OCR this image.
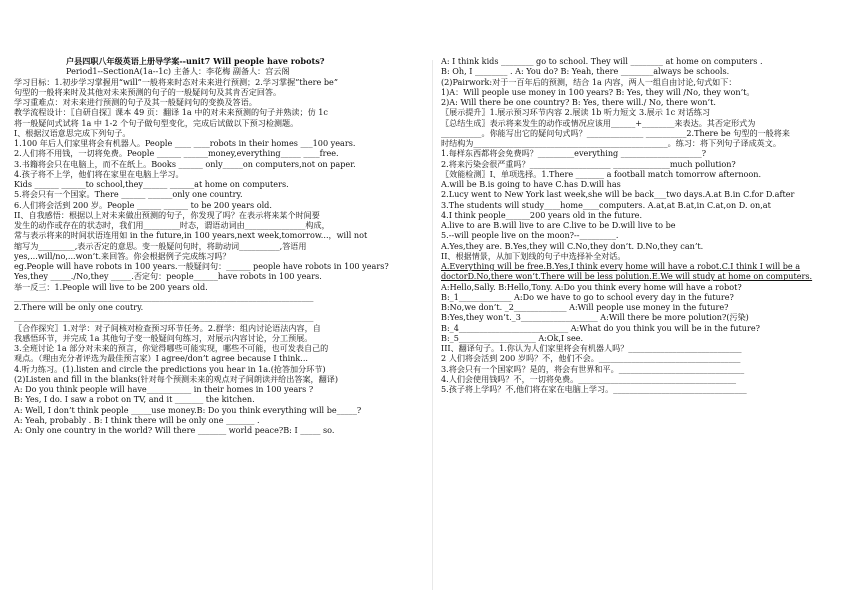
户县四职八年级英语上册导学案--unit7 Will people have robots?
Period1--SectionA(1a--1c) 主备人：李花梅 副备人：宫云阁
学习目标：1.初步学习掌握用“will”一般将来时态对未来进行预测；2.学习掌握”there be”
句型的一般将来时及其他对未来预测的句子的一般疑问句及其肯否定回答。
学习重难点：对未来进行预测的句子及其一般疑问句的变换及答语。
教学流程设计：〖自研自探〗课本 49 页：翻译 1a 中的对未来预测的句子并熟读；仿 1c
将一般疑问式试将 1a 中 1-2 个句子做句型变化，完成后试做以下预习检测题。
I、根据汉语意思完成下列句子。
1.100 年后人们家里将会有机器人。People ____ ____robots in their homes ___100 years.
2.人们将不用钱，一切将免费。People ______ ______money,everything_____ ____free.
3.书籍将会只在电脑上，而不在纸上。Books ______ only_____on computers,not on paper.
4.孩子将不上学，他们将在家里在电脑上学习。
Kids ______ ______to school,they______ ______at home on computers.
5.将会只有一个国家。There ______ ______only one country.
6.人们将会活到 200 岁。People ______ ______ to be 200 years old.
II、自我感悟：根据以上对未来做出预测的句子，你发现了吗？在表示将来某个时间要
发生的动作或存在的状态时，我们用_________时态，谓语动词由_______________构成，
常与表示将来的时间状语连用如 in the future,in 100 years,next week,tomorrow...，will not
缩写为_________,表示否定的意思。变一般疑问句时，将助动词__________,答语用
yes,...will/no,...won’t.来回答。你会根据例子完成练习吗？
eg.People will have robots in 100 years.一般疑问句：______ people have robots in 100 years?
Yes,they _____./No,they _____.否定句：people______have robots in 100 years.
举一反三：1.People will live to be 200 years old.
__________________________________________________________________________
2.There will be only one coutry.
__________________________________________________________________________
〖合作探究〗1.对学：对子间核对检查预习环节任务。2.群学：组内讨论语法内容，自
我感悟环节，并完成 1a 其他句子变一般疑问句练习，对展示内容讨论，分工预展。
3.全班讨论 1a 部分对未来的预言，你觉得哪些可能实现，哪些不可能，也可发表自己的
观点。（理由充分者评选为最佳预言家）I agree/don’t agree because I think...
4.听力练习。(1).listen and circle the predictions you hear in 1a.(抢答加分环节)
(2)Listen and fill in the blanks(针对每个预测未来的观点对子间朗读并给出答案，翻译)
A: Do you think people will have___________ in their homes in 100 years ?
B: Yes, I do. I saw a robot on TV, and it _______ the kitchen.
A: Well, I don’t think people _____use money.B: Do you think everything will be_____?
A: Yeah, probably . B: I think there will be only one _______ .
A: Only one country in the world? Will there _______ world peace?B: I _____ so.
A: I think kids ________ go to school. They will ________ at home on computers .
B: Oh, I ________ . A: You do? B: Yeah, there ________always be schools.
(2)Pairwork:对于一百年后的预测，结合 1a 内容，两人一组自由讨论,句式如下：
1)A：Will people use money in 100 years? B: Yes, they will /No, they won’t。
2)A: Will there be one country? B: Yes, there will./ No, there won’t.
〖展示提升〗1.展示预习环节内容 2.展读 1b 听力短文 3.展示 1c 对话练习
〖总结生成〗表示将来发生的动作或情况应该用______+________来表达。其否定形式为
__________。你能写出它的疑问句式吗？______________ __________2.There be 句型的一般将来
时结构为________________________________________________。练习：将下列句子译成英文。
1.每样东西都将会免费吗？_________everything ____________________?
2.将来污染会很严重吗？____________________ ______________much pollution?
〖效能检测〗I、单项选择。1.There _______ a football match tomorrow afternoon.
A.will be B.is going to have C.has D.will has
2.Lucy went to New York last week,she will be back___two days.A.at B.in C.for D.after
3.The students will study____home____computers. A.at,at B.at,in C.at,on D. on,at
4.I think people______200 years old in the future.
A.live to are B.will live to are C.live to be D.will live to be
5.--will people live on the moon?--_________.
A.Yes,they are. B.Yes,they will C.No,they don’t. D.No,they can’t.
II、根据情景，从加下划线的句子中选择补全对话。
A.Everything will be free.B.Yes,I think every home will have a robot.C.I think I will be a
doctorD.No,there won’t.There will be less polution.E.We will study at home on computers.
A:Hello,Sally. B:Hello,Tony. A:Do you think every home will have a robot?
B:_1_____________ A:Do we have to go to school every day in the future?
B:No,we don’t. _2_____________ A:Will people use money in the future?
B:Yes,they won’t._3___________________ A:Will there be more polution?(污染)
B:_4___________________________ A:What do you think you will be in the future?
B:_5___________________ A:Ok,I see.
III、翻译句子。1.你认为人们家里将会有机器人吗？____________________________
2 人们将会活到 200 岁吗？不，他们不会。___________________________________
3.将会只有一个国家吗？是的，将会有世界和平。_______________________________
4.人们会使用钱吗？不，一切将免费。_______________________________________
5.孩子将上学吗？不,他们将在家在电脑上学习。_________________________________
